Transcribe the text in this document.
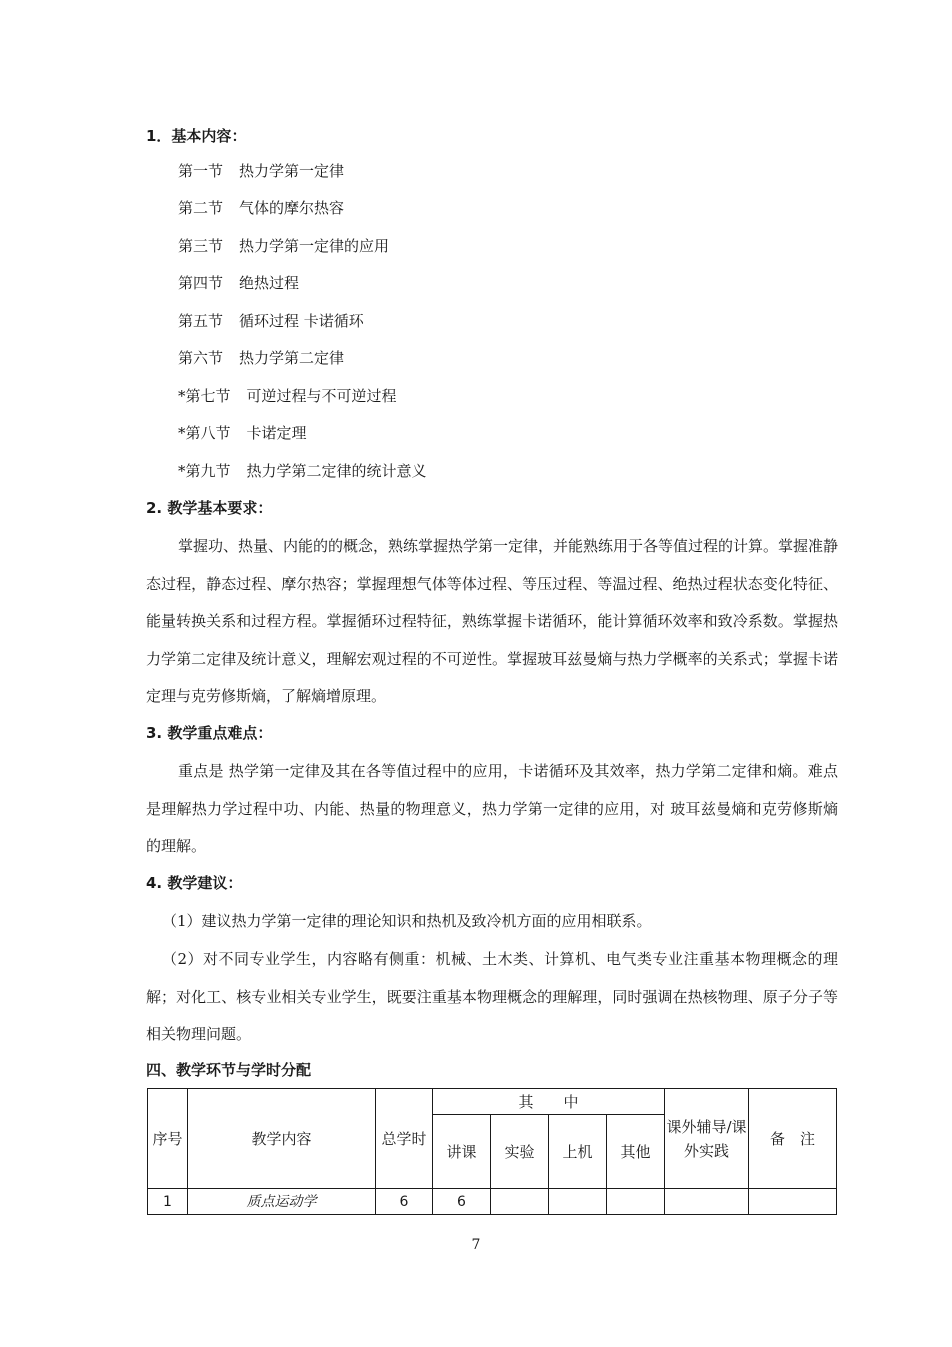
1．基本内容：
第一节 热力学第一定律
第二节 气体的摩尔热容
第三节 热力学第一定律的应用
第四节 绝热过程
第五节 循环过程 卡诺循环
第六节 热力学第二定律
*第七节 可逆过程与不可逆过程
*第八节 卡诺定理
*第九节 热力学第二定律的统计意义
2. 教学基本要求：

掌握功、热量、内能的的概念，熟练掌握热学第一定律，并能熟练用于各等值过程的计算。掌握准静态过程，静态过程、摩尔热容；掌握理想气体等体过程、等压过程、等温过程、绝热过程状态变化特征、能量转换关系和过程方程。掌握循环过程特征，熟练掌握卡诺循环，能计算循环效率和致冷系数。掌握热力学第二定律及统计意义，理解宏观过程的不可逆性。掌握玻耳兹曼熵与热力学概率的关系式；掌握卡诺定理与克劳修斯熵，了解熵增原理。

3. 教学重点难点：

重点是 热学第一定律及其在各等值过程中的应用，卡诺循环及其效率，热力学第二定律和熵。难点是理解热力学过程中功、内能、热量的物理意义，热力学第一定律的应用，对 玻耳兹曼熵和克劳修斯熵的理解。

4. 教学建议：

（1）建议热力学第一定律的理论知识和热机及致冷机方面的应用相联系。

（2）对不同专业学生，内容略有侧重：机械、土木类、计算机、电气类专业注重基本物理概念的理解；对化工、核专业相关专业学生，既要注重基本物理概念的理解理，同时强调在热核物理、原子分子等相关物理问题。

四、教学环节与学时分配
序号	教学内容	总学时	其　　中				课外辅导/课外实践	备　注
			讲课	实验	上机	其他		
1	质点运动学	6	6					
7
